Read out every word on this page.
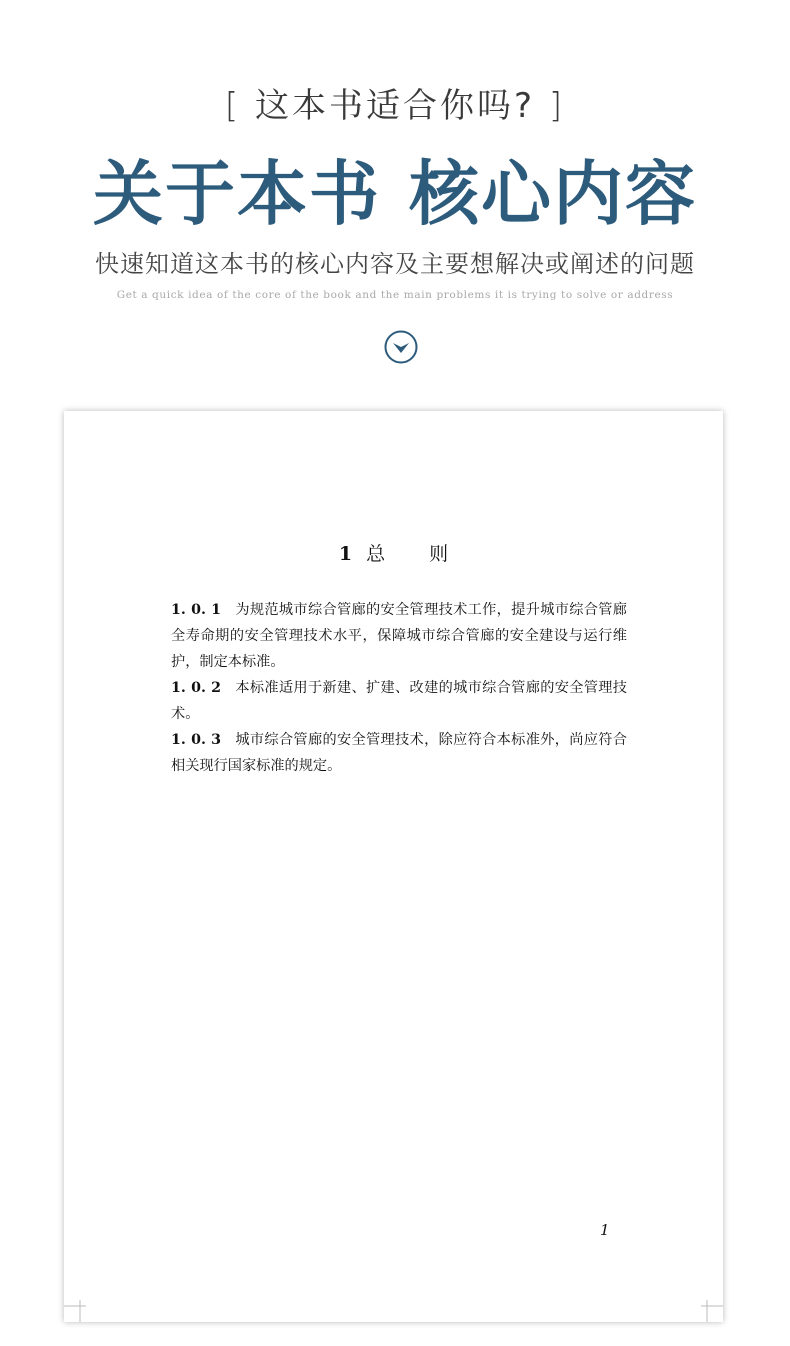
[ 这本书适合你吗? ]
关于本书 核心内容
快速知道这本书的核心内容及主要想解决或阐述的问题
Get a quick idea of the core of the book and the main problems it is trying to solve or address
1 总 则

1. 0. 1 为规范城市综合管廊的安全管理技术工作，提升城市综合管廊全寿命期的安全管理技术水平，保障城市综合管廊的安全建设与运行维护，制定本标准。

1. 0. 2 本标准适用于新建、扩建、改建的城市综合管廊的安全管理技术。

1. 0. 3 城市综合管廊的安全管理技术，除应符合本标准外，尚应符合相关现行国家标准的规定。

1
